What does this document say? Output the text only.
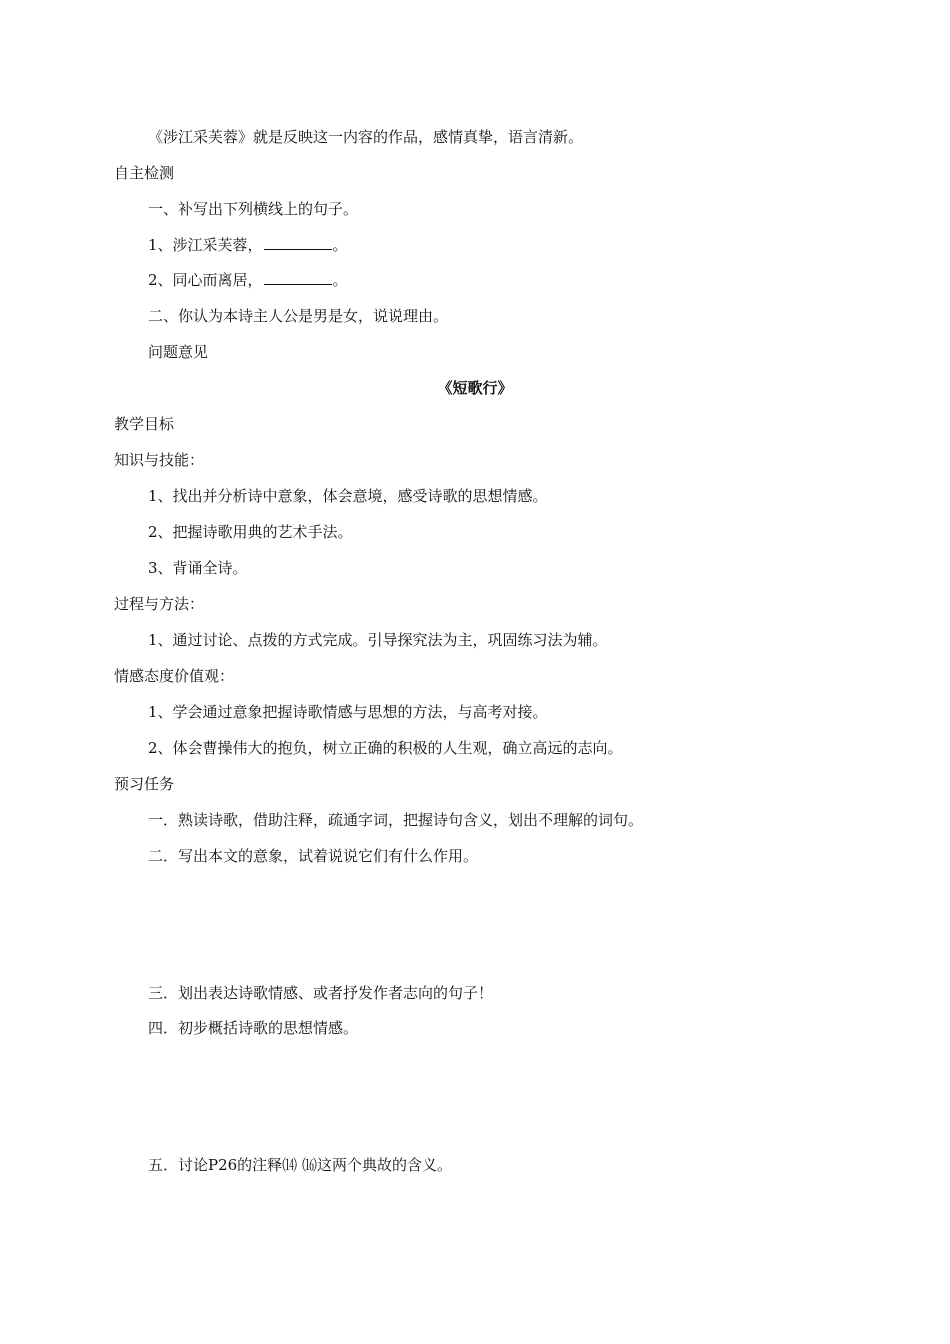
《涉江采芙蓉》就是反映这一内容的作品，感情真挚，语言清新。
自主检测
一、补写出下列横线上的句子。
1、涉江采芙蓉，	。
2、同心而离居，	。
二、你认为本诗主人公是男是女，说说理由。
问题意见
《短歌行》
教学目标
知识与技能：
1、找出并分析诗中意象，体会意境，感受诗歌的思想情感。
2、把握诗歌用典的艺术手法。
3、背诵全诗。
过程与方法：
1、通过讨论、点拨的方式完成。引导探究法为主，巩固练习法为辅。
情感态度价值观：
1、学会通过意象把握诗歌情感与思想的方法，与高考对接。
2、体会曹操伟大的抱负，树立正确的积极的人生观，确立高远的志向。
预习任务
一．熟读诗歌，借助注释，疏通字词，把握诗句含义，划出不理解的词句。
二．写出本文的意象，试着说说它们有什么作用。
三．划出表达诗歌情感、或者抒发作者志向的句子！
四．初步概括诗歌的思想情感。
五．讨论P26的注释⒁ ⒃这两个典故的含义。
